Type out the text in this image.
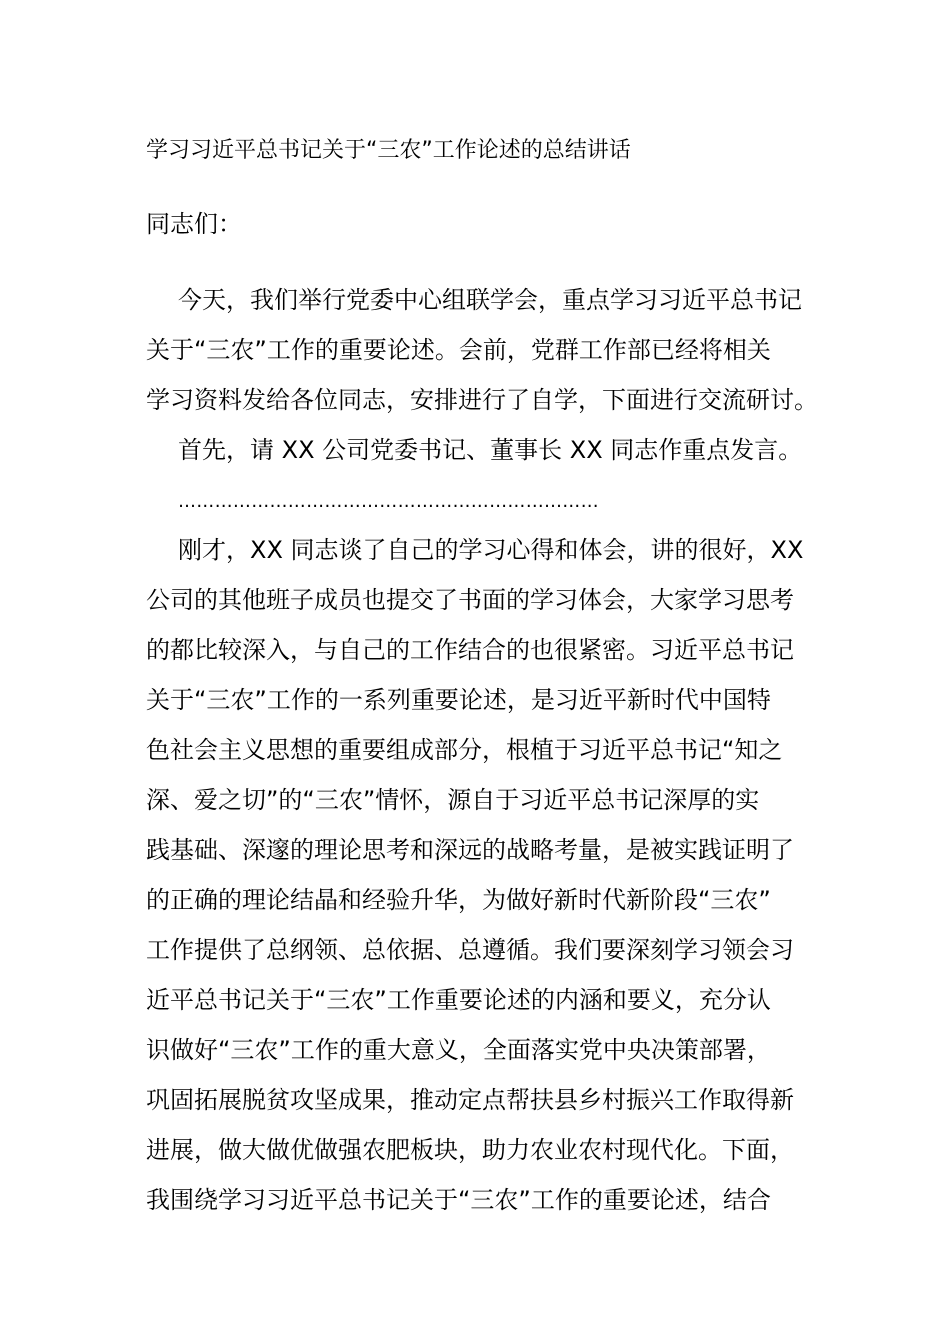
学习习近平总书记关于“三农”工作论述的总结讲话
同志们：
今天，我们举行党委中心组联学会，重点学习习近平总书记
关于“三农”工作的重要论述。会前，党群工作部已经将相关
学习资料发给各位同志，安排进行了自学，下面进行交流研讨。
首先，请 XX 公司党委书记、董事长 XX 同志作重点发言。
……………………………………………………………
刚才，XX 同志谈了自己的学习心得和体会，讲的很好，XX
公司的其他班子成员也提交了书面的学习体会，大家学习思考
的都比较深入，与自己的工作结合的也很紧密。习近平总书记
关于“三农”工作的一系列重要论述，是习近平新时代中国特
色社会主义思想的重要组成部分，根植于习近平总书记“知之
深、爱之切”的“三农”情怀，源自于习近平总书记深厚的实
践基础、深邃的理论思考和深远的战略考量，是被实践证明了
的正确的理论结晶和经验升华，为做好新时代新阶段“三农”
工作提供了总纲领、总依据、总遵循。我们要深刻学习领会习
近平总书记关于“三农”工作重要论述的内涵和要义，充分认
识做好“三农”工作的重大意义，全面落实党中央决策部署，
巩固拓展脱贫攻坚成果，推动定点帮扶县乡村振兴工作取得新
进展，做大做优做强农肥板块，助力农业农村现代化。下面，
我围绕学习习近平总书记关于“三农”工作的重要论述，结合
